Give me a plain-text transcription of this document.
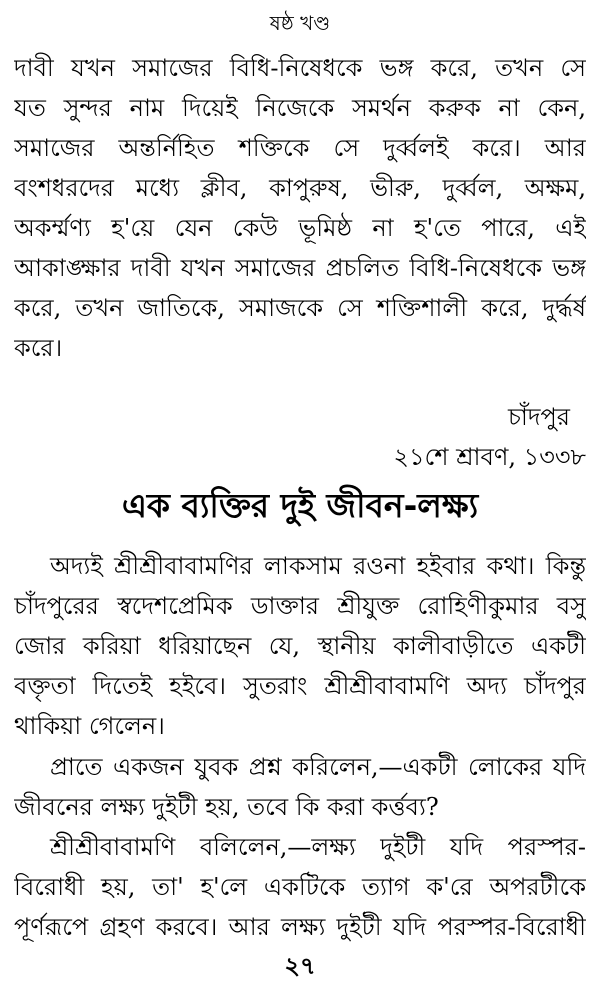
ষষ্ঠ খণ্ড
দাবী যখন সমাজের বিধি-নিষেধকে ভঙ্গ করে, তখন সে
যত সুন্দর নাম দিয়েই নিজেকে সমর্থন করুক না কেন,
সমাজের অন্তর্নিহিত শক্তিকে সে দুর্ব্বলই করে। আর
বংশধরদের মধ্যে ক্লীব, কাপুরুষ, ভীরু, দুর্ব্বল, অক্ষম,
অকর্ম্মণ্য হ'য়ে যেন কেউ ভূমিষ্ঠ না হ'তে পারে, এই
আকাঙ্ক্ষার দাবী যখন সমাজের প্রচলিত বিধি-নিষেধকে ভঙ্গ
করে, তখন জাতিকে, সমাজকে সে শক্তিশালী করে, দুর্দ্ধর্ষ
করে।
চাঁদপুর
২১শে শ্রাবণ, ১৩৩৮
এক ব্যক্তির দুই জীবন-লক্ষ্য
অদ্যই শ্রীশ্রীবাবামণির লাকসাম রওনা হইবার কথা। কিন্তু
চাঁদপুরের স্বদেশপ্রেমিক ডাক্তার শ্রীযুক্ত রোহিণীকুমার বসু
জোর করিয়া ধরিয়াছেন যে, স্থানীয় কালীবাড়ীতে একটী
বক্তৃতা দিতেই হইবে। সুতরাং শ্রীশ্রীবাবামণি অদ্য চাঁদপুর
থাকিয়া গেলেন।
প্রাতে একজন যুবক প্রশ্ন করিলেন,—একটী লোকের যদি
জীবনের লক্ষ্য দুইটী হয়, তবে কি করা কর্ত্তব্য?
শ্রীশ্রীবাবামণি বলিলেন,—লক্ষ্য দুইটী যদি পরস্পর-
বিরোধী হয়, তা' হ'লে একটিকে ত্যাগ ক'রে অপরটীকে
পূর্ণরূপে গ্রহণ করবে। আর লক্ষ্য দুইটী যদি পরস্পর-বিরোধী
২৭
